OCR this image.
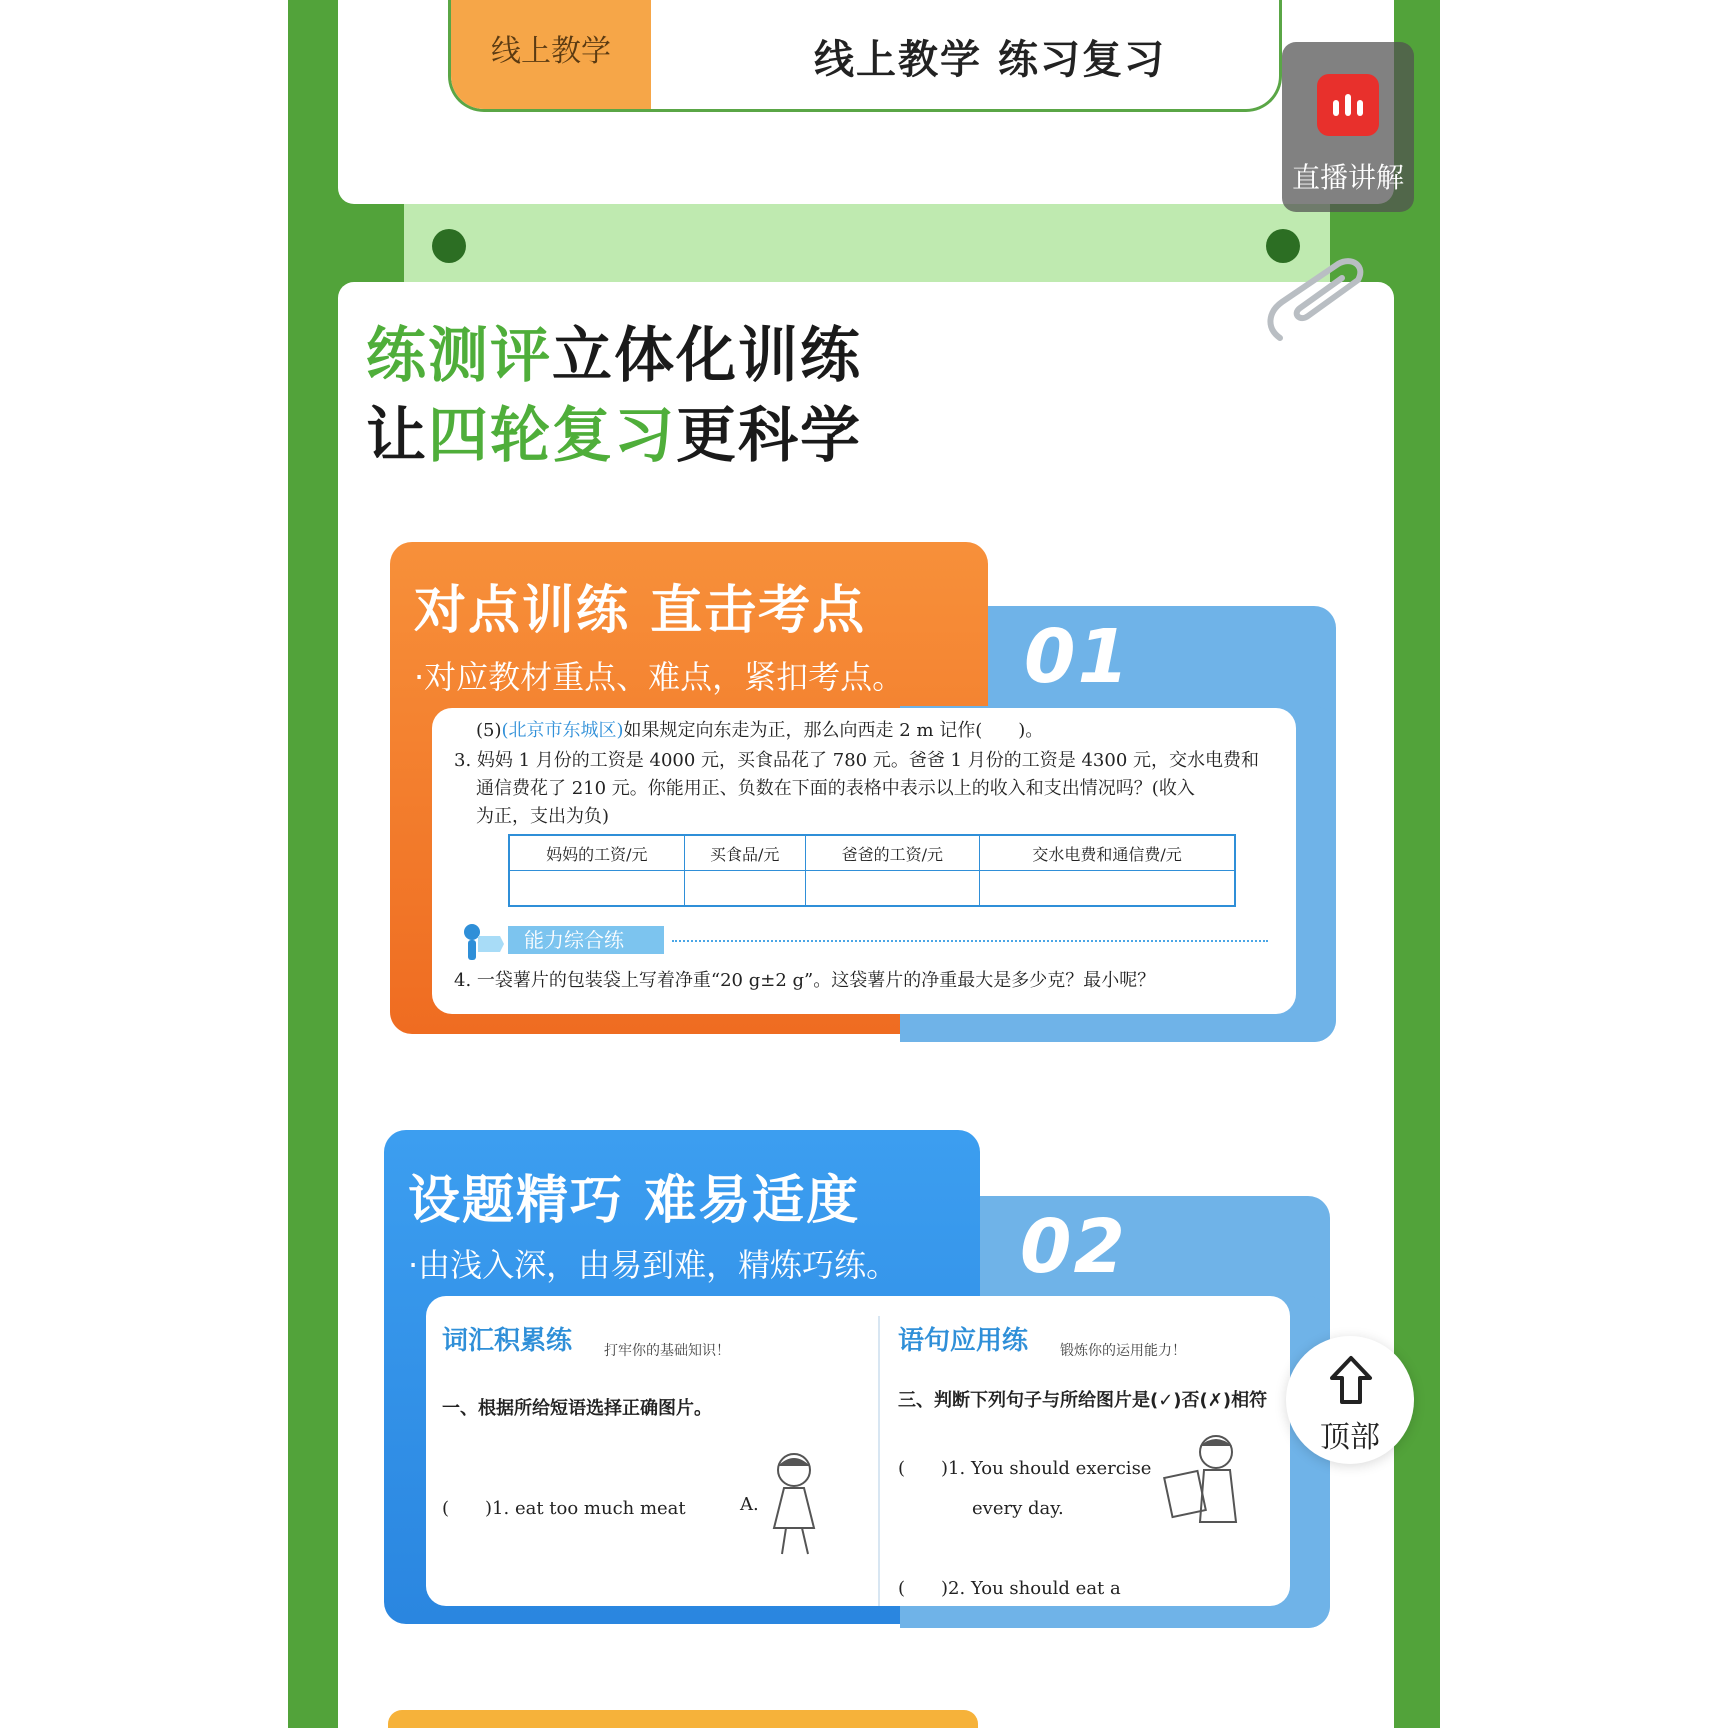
线上教学	线上教学 练习复习
练测评立体化训练
让四轮复习更科学
对点训练 直击考点
·对应教材重点、难点，紧扣考点。 01
(5)(北京市东城区)如果规定向东走为正，那么向西走 2 m 记作(　　)。
3. 妈妈 1 月份的工资是 4000 元，买食品花了 780 元。爸爸 1 月份的工资是 4300 元，交水电费和
通信费花了 210 元。你能用正、负数在下面的表格中表示以上的收入和支出情况吗？(收入
为正，支出为负)
妈妈的工资/元	买食品/元	爸爸的工资/元	交水电费和通信费/元

能力综合练
4. 一袋薯片的包装袋上写着净重“20 g±2 g”。这袋薯片的净重最大是多少克？最小呢？
设题精巧 难易适度
·由浅入深，由易到难，精炼巧练。 02
词汇积累练 打牢你的基础知识！
一、根据所给短语选择正确图片。
(　　)1. eat too much meat	A.
语句应用练 锻炼你的运用能力！
三、判断下列句子与所给图片是(✓)否(✗)相符
(　　)1. You should exercise
every day.
(　　)2. You should eat a
直播讲解
顶部
